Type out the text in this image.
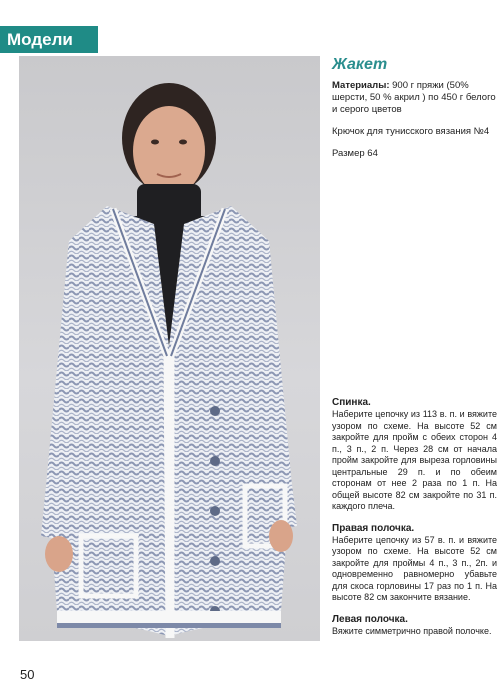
Модели

Жакет

Материалы: 900 г пряжи (50% шерсти, 50 % акрил ) по 450 г белого и серого цветов

Крючок для тунисского вязания №4

Размер 64

Спинка.

Наберите цепочку из 113 в. п. и вяжите узором по схеме. На высоте 52 см закройте для пройм с обеих сторон 4 п., 3 п., 2 п. Через 28 см от начала пройм закройте для выреза горловины центральные 29 п. и по обеим сторонам от нее 2 раза по 1 п. На общей высоте 82 см закройте по 31 п. каждого плеча.

Правая полочка.

Наберите цепочку из 57 в. п. и вяжите узором по схеме. На высоте 52 см закройте для проймы 4 п., 3 п., 2п. и одновременно равномерно убавьте для скоса горловины 17 раз по 1 п. На высоте 82 см закончите вязание.

Левая полочка.

Вяжите симметрично правой полочке.

50
